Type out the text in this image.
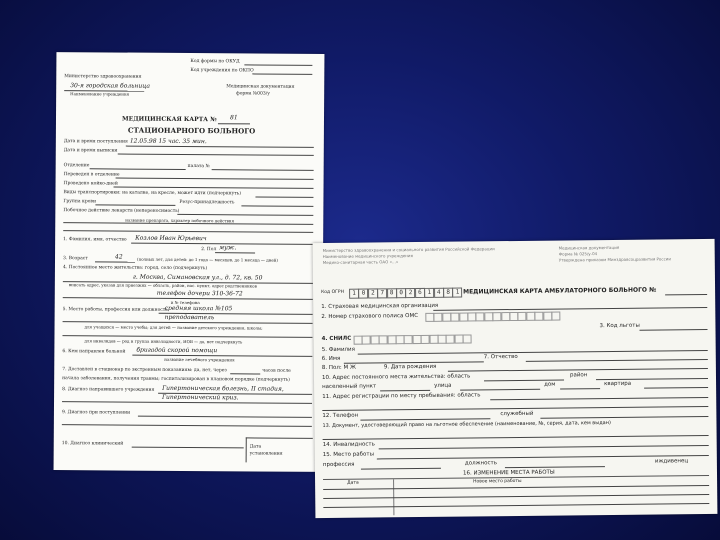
Код формы по ОКУД
Код учреждения по ОКПО
Министерство здравоохранения
30-я городская больница
Наименование учреждения
Медицинская документация
форма №003/у
МЕДИЦИНСКАЯ КАРТА № 81
СТАЦИОНАРНОГО БОЛЬНОГО
Дата и время поступления 12.05.98 15 час. 35 мин.
Дата и время выписки
Отделение	палата №
Переведен в отделение
Проведено койко-дней
Виды транспортировки: на каталке, на кресле, может идти (подчеркнуть)
Группа крови	Резус-принадлежность
Побочное действие лекарств (непереносимость)
название препарата, характер побочного действия
1. Фамилия, имя, отчество Козлов Иван Юрьевич
2. Пол муж.
3. Возраст	42	(полных лет, для детей: до 1 года — месяцев, до 1 месяца — дней)
4. Постоянное место жительства: город, село (подчеркнуть)
г. Москва, Симановская ул., д. 72, кв. 50
вписать адрес, указав для приезжих — область, район, нас. пункт, адрес родственников
телефон дочери 310-36-72
и № телефона
5. Место работы, профессия или должность
средняя школа №105
преподаватель
для учащихся — место учебы; для детей — название детского учреждения, школы;
для инвалидов — род и группа инвалидности, ИОВ — да, нет подчеркнуть
6. Кем направлен больной бригадой скорой помощи
название лечебного учреждения
7. Доставлен в стационар по экстренным показаниям: да, нет, через	часов после
начала заболевания, получения травмы; госпитализирован в плановом порядке (подчеркнуть)
8. Диагноз направившего учреждения Гипертоническая болезнь, II стадия,
Гипертонический криз.
9. Диагноз при поступлении
10. Диагноз клинический
Дата
установления
Министерство здравоохранения и социального развития Российской Федерации
Наименование медицинского учреждения
Медико-санитарная часть ОАО «...»
Медицинская документация
Форма № 025/у-04
Утверждена приказом Минздравсоцразвития России
Код ОГРН	1 0 2 7 8 0 2 6 1 4 8 1 МЕДИЦИНСКАЯ КАРТА АМБУЛАТОРНОГО БОЛЬНОГО №
1. Страховая медицинская организация
2. Номер страхового полиса ОМС
3. Код льготы
4. СНИЛС
5. Фамилия
6. Имя	7. Отчество
8. Пол: М Ж	9. Дата рождения
10. Адрес постоянного места жительства: область	район
населенный пункт	улица	дом	квартира
11. Адрес регистрации по месту пребывания: область
12. Телефон	служебный
13. Документ, удостоверяющий право на льготное обеспечение (наименование, №, серия, дата, кем выдан)
14. Инвалидность
15. Место работы
профессия	должность	иждивенец
16. ИЗМЕНЕНИЕ МЕСТА РАБОТЫ
Дата	Новое место работы
